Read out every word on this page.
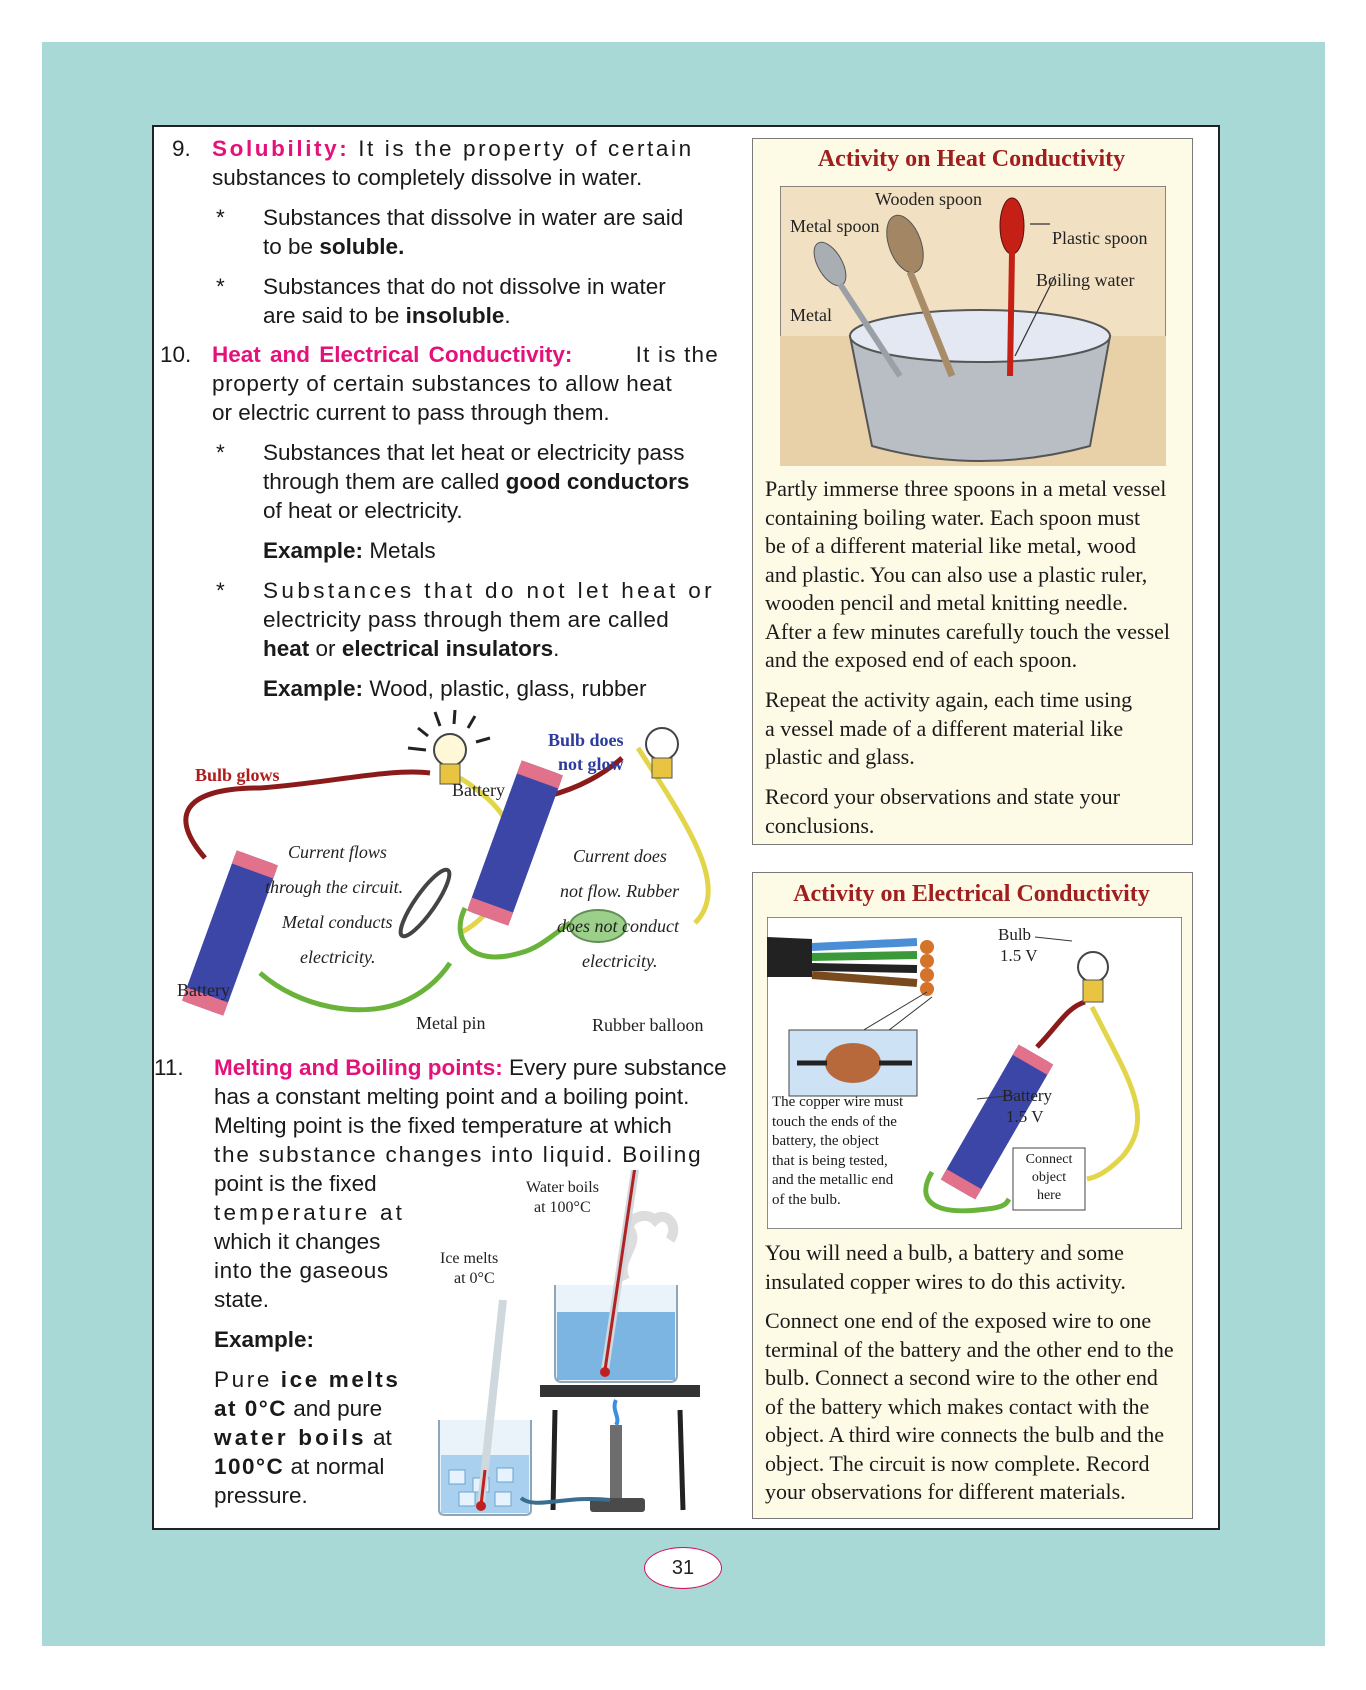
9. Solubility: It is the property of certain
substances to completely dissolve in water.
* Substances that dissolve in water are said
to be soluble.
* Substances that do not dissolve in water
are said to be insoluble.
10. Heat and Electrical Conductivity:	It is the
property of certain substances to allow heat
or electric current to pass through them.
* Substances that let heat or electricity pass
through them are called good conductors
of heat or electricity.
Example: Metals
* Substances that do not let heat or
electricity pass through them are called
heat or electrical insulators.
Example: Wood, plastic, glass, rubber
Bulb glows
Bulb does
not glow
Battery
Current flows
through the circuit.
Metal conducts
electricity.
Current does
not flow. Rubber
does not conduct
electricity.
Battery
Metal pin	Rubber balloon
11. Melting and Boiling points: Every pure substance
has a constant melting point and a boiling point.
Melting point is the fixed temperature at which
the substance changes into liquid. Boiling
point is the fixed
temperature at
which it changes
into the gaseous
state.
Example:
Pure ice melts
at 0°C and pure
water boils at
100°C at normal
pressure.
Water boils
at 100°C
Ice melts
at 0°C
Activity on Heat Conductivity
Wooden spoon
Metal spoon
Plastic spoon
Boiling water
Metal
Partly immerse three spoons in a metal vessel
containing boiling water. Each spoon must
be of a different material like metal, wood
and plastic. You can also use a plastic ruler,
wooden pencil and metal knitting needle.
After a few minutes carefully touch the vessel
and the exposed end of each spoon.
Repeat the activity again, each time using
a vessel made of a different material like
plastic and glass.
Record your observations and state your
conclusions.
Activity on Electrical Conductivity
Bulb
1.5 V
Battery
1.5 V
Connect
object
here
The copper wire must
touch the ends of the
battery, the object
that is being tested,
and the metallic end
of the bulb.
You will need a bulb, a battery and some
insulated copper wires to do this activity.
Connect one end of the exposed wire to one
terminal of the battery and the other end to the
bulb. Connect a second wire to the other end
of the battery which makes contact with the
object. A third wire connects the bulb and the
object. The circuit is now complete. Record
your observations for different materials.
31
